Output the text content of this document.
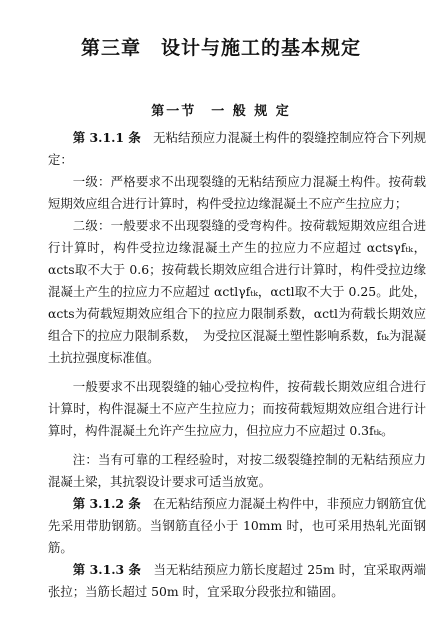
第三章　设计与施工的基本规定
第一节　一 般 规 定

第 3.1.1 条　无粘结预应力混凝土构件的裂缝控制应符合下列规定：

一级：严格要求不出现裂缝的无粘结预应力混凝土构件。按荷载短期效应组合进行计算时，构件受拉边缘混凝土不应产生拉应力；

二级：一般要求不出现裂缝的受弯构件。按荷载短期效应组合进行计算时，构件受拉边缘混凝土产生的拉应力不应超过 αctsγfₜₖ，αcts取不大于 0.6；按荷载长期效应组合进行计算时，构件受拉边缘混凝土产生的拉应力不应超过 αctlγfₜₖ，αctl取不大于 0.25。此处，αcts为荷载短期效应组合下的拉应力限制系数，αctl为荷载长期效应组合下的拉应力限制系数，　为受拉区混凝土塑性影响系数，fₜₖ为混凝土抗拉强度标准值。

一般要求不出现裂缝的轴心受拉构件，按荷载长期效应组合进行计算时，构件混凝土不应产生拉应力；而按荷载短期效应组合进行计算时，构件混凝土允许产生拉应力，但拉应力不应超过 0.3fₜₖ。

注：当有可靠的工程经验时，对按二级裂缝控制的无粘结预应力混凝土梁，其抗裂设计要求可适当放宽。

第 3.1.2 条　在无粘结预应力混凝土构件中，非预应力钢筋宜优先采用带肋钢筋。当钢筋直径小于 10mm 时，也可采用热轧光面钢筋。

第 3.1.3 条　当无粘结预应力筋长度超过 25m 时，宜采取两端张拉；当筋长超过 50m 时，宜采取分段张拉和锚固。
